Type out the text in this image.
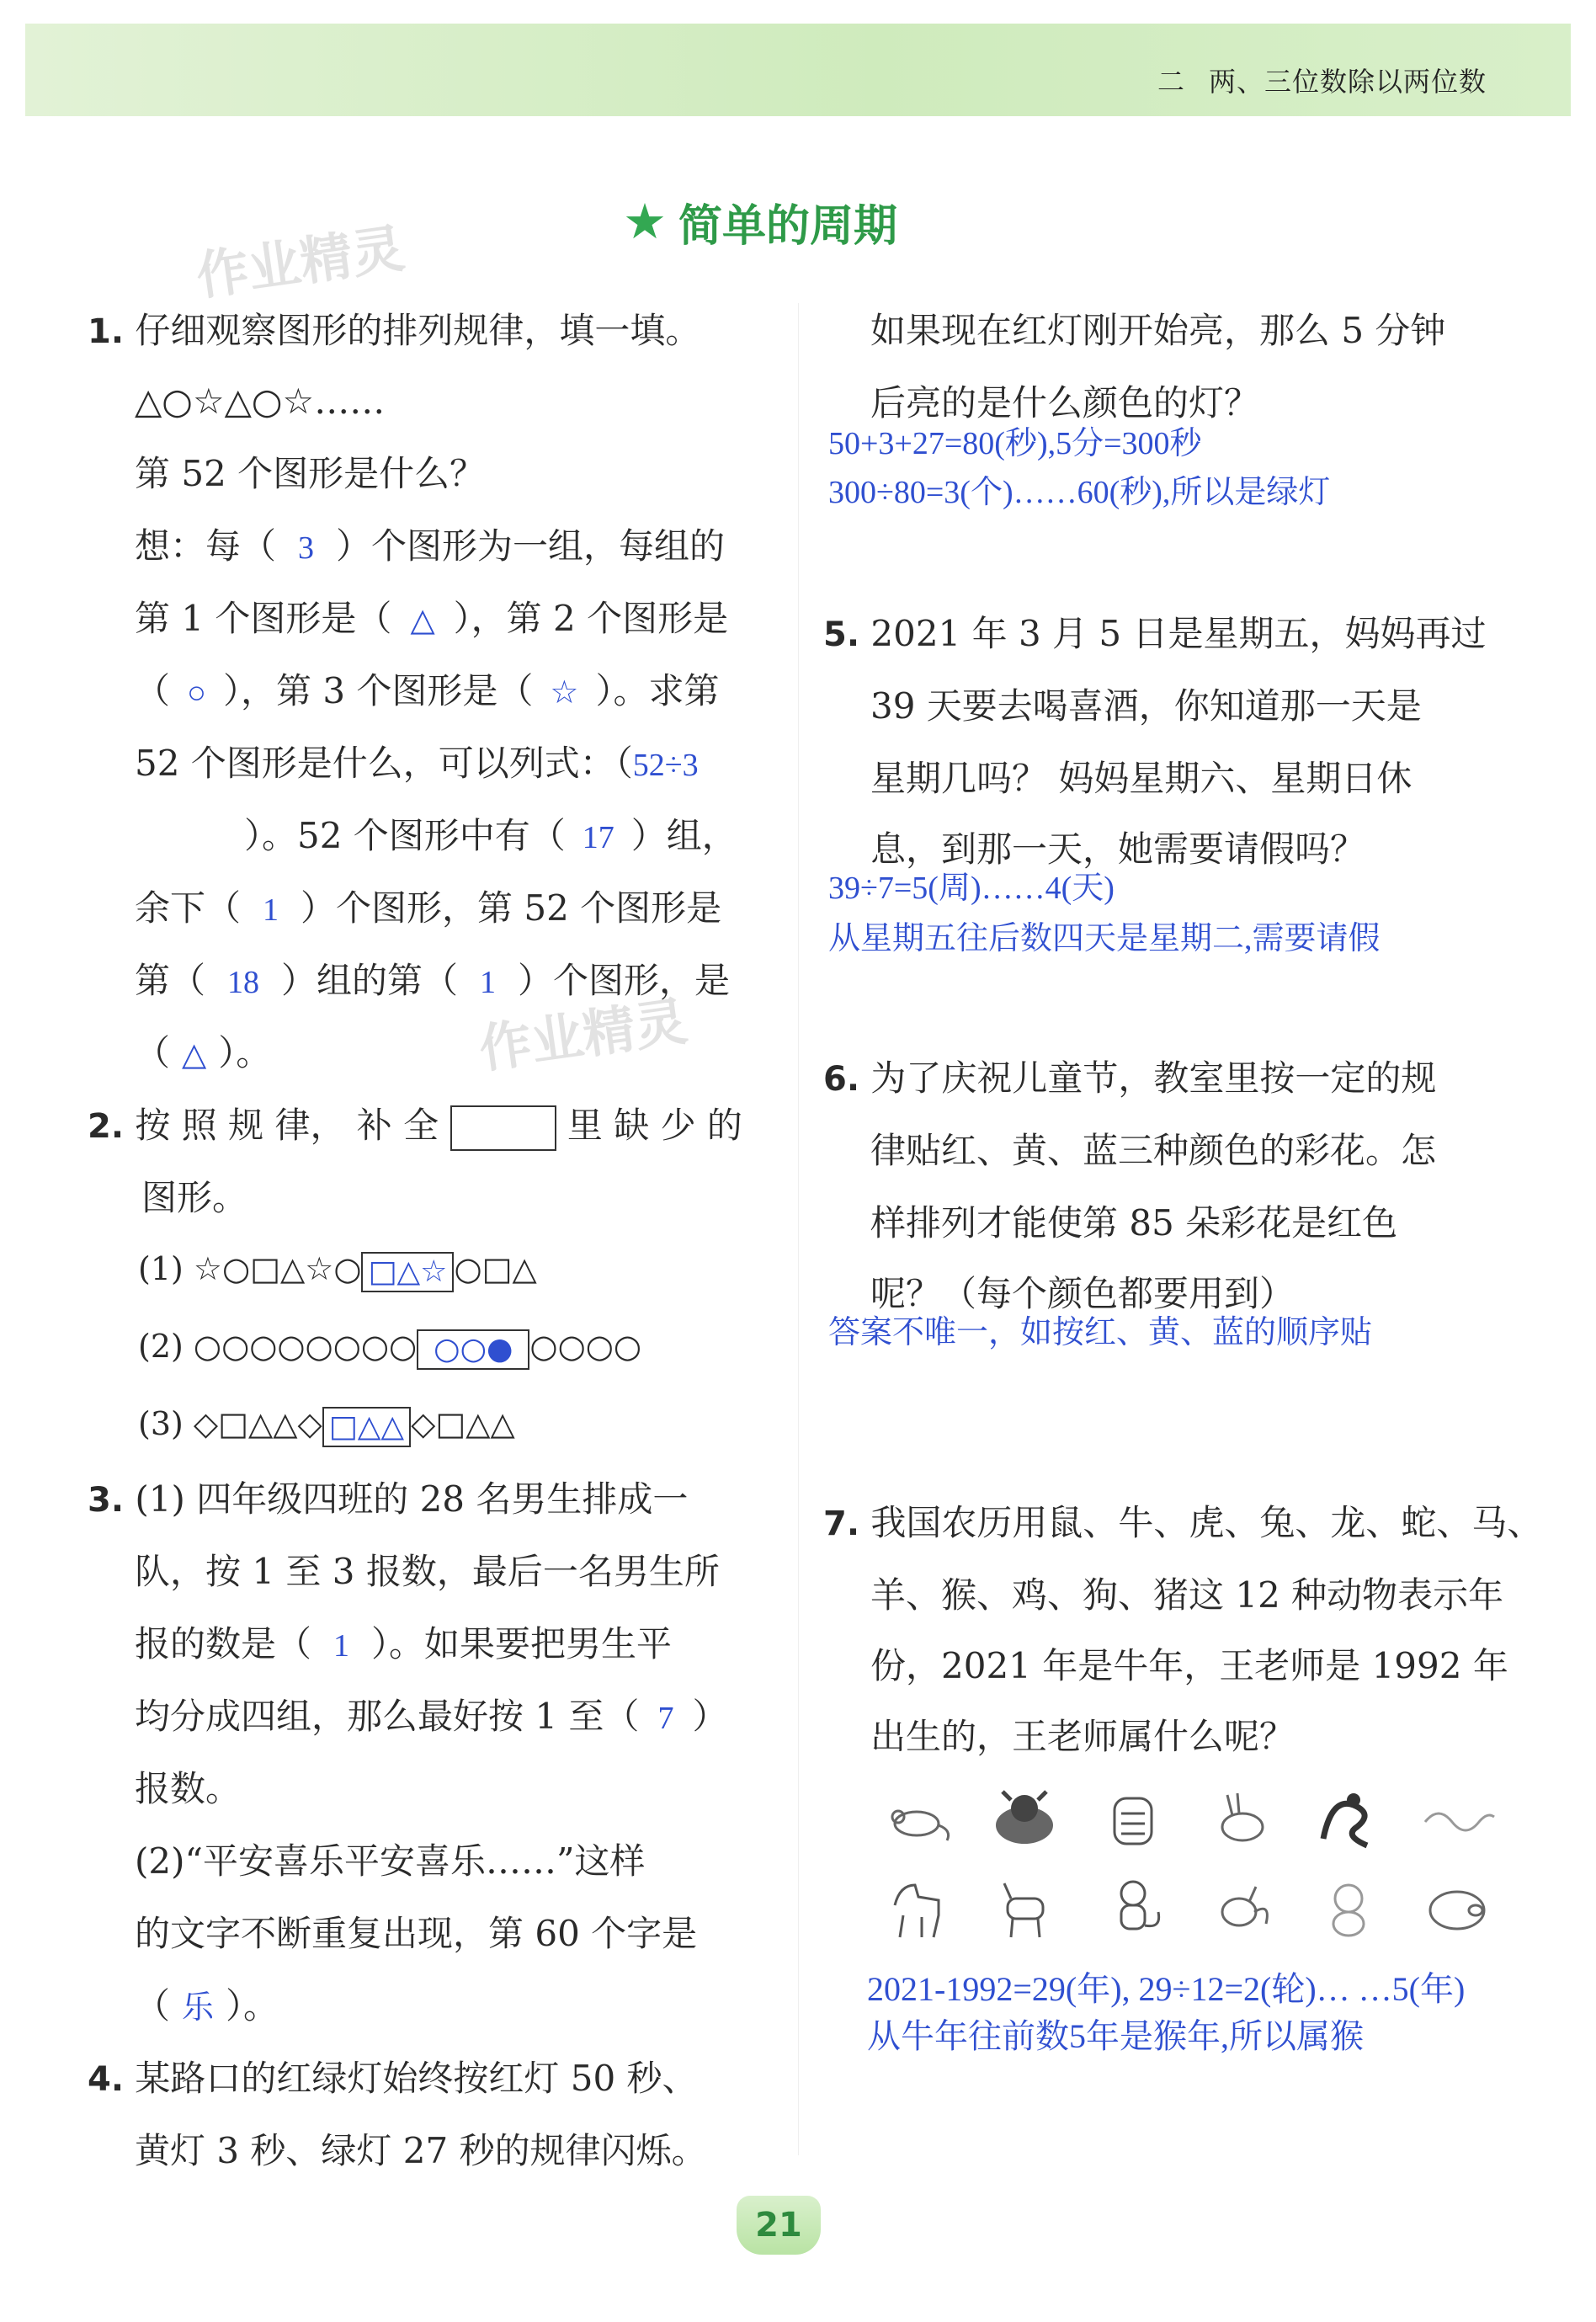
二 两、三位数除以两位数
★ 简单的周期
作业精灵
作业精灵
1. 仔细观察图形的排列规律，填一填。
△○☆△○☆……
第 52 个图形是什么？
想：每（ 3 ）个图形为一组，每组的
第 1 个图形是（ △ ），第 2 个图形是
（ ○ ），第 3 个图形是（ ☆ ）。求第
52 个图形是什么，可以列式：（52÷3
）。52 个图形中有（ 17 ）组，
余下（ 1 ）个图形，第 52 个图形是
第（ 18 ）组的第（ 1 ）个图形，是
（ △ ）。
2. 按 照 规 律， 补 全	里 缺 少 的
图形。
(1) ☆○□△☆○ □△☆ ○□△
(2) ○○○○○○○○ ○○● ○○○○
(3) ◇□△△◇ □△△ ◇□△△
3. (1) 四年级四班的 28 名男生排成一
队，按 1 至 3 报数，最后一名男生所
报的数是（ 1 ）。如果要把男生平
均分成四组，那么最好按 1 至（ 7 ）
报数。
(2)“平安喜乐平安喜乐……”这样
的文字不断重复出现，第 60 个字是
（ 乐 ）。
4. 某路口的红绿灯始终按红灯 50 秒、
黄灯 3 秒、绿灯 27 秒的规律闪烁。
如果现在红灯刚开始亮，那么 5 分钟
后亮的是什么颜色的灯？
50+3+27=80(秒),5分=300秒
300÷80=3(个)……60(秒),所以是绿灯
5. 2021 年 3 月 5 日是星期五，妈妈再过
39 天要去喝喜酒，你知道那一天是
星期几吗？ 妈妈星期六、星期日休
息，到那一天，她需要请假吗？
39÷7=5(周)……4(天)
从星期五往后数四天是星期二,需要请假
6. 为了庆祝儿童节，教室里按一定的规
律贴红、黄、蓝三种颜色的彩花。怎
样排列才能使第 85 朵彩花是红色
呢？（每个颜色都要用到）
答案不唯一，如按红、黄、蓝的顺序贴
7. 我国农历用鼠、牛、虎、兔、龙、蛇、马、
羊、猴、鸡、狗、猪这 12 种动物表示年
份，2021 年是牛年，王老师是 1992 年
出生的，王老师属什么呢？
2021-1992=29(年), 29÷12=2(轮)… …5(年)
从牛年往前数5年是猴年,所以属猴
21
